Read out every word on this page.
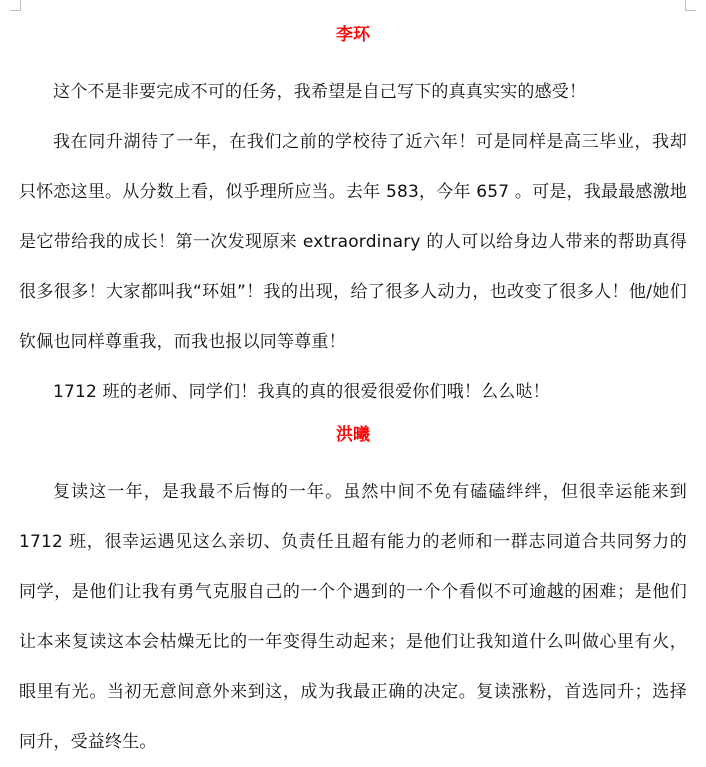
李环

这个不是非要完成不可的任务，我希望是自己写下的真真实实的感受！

我在同升湖待了一年，在我们之前的学校待了近六年！可是同样是高三毕业，我却只怀恋这里。从分数上看，似乎理所应当。去年 583，今年 657 。可是，我最最感激地是它带给我的成长！第一次发现原来 extraordinary 的人可以给身边人带来的帮助真得很多很多！大家都叫我“环姐”！我的出现，给了很多人动力，也改变了很多人！他/她们钦佩也同样尊重我，而我也报以同等尊重！

1712 班的老师、同学们！我真的真的很爱很爱你们哦！么么哒！

洪曦

复读这一年，是我最不后悔的一年。虽然中间不免有磕磕绊绊，但很幸运能来到 1712 班，很幸运遇见这么亲切、负责任且超有能力的老师和一群志同道合共同努力的同学，是他们让我有勇气克服自己的一个个遇到的一个个看似不可逾越的困难；是他们让本来复读这本会枯燥无比的一年变得生动起来；是他们让我知道什么叫做心里有火，眼里有光。当初无意间意外来到这，成为我最正确的决定。复读涨粉，首选同升；选择同升，受益终生。
